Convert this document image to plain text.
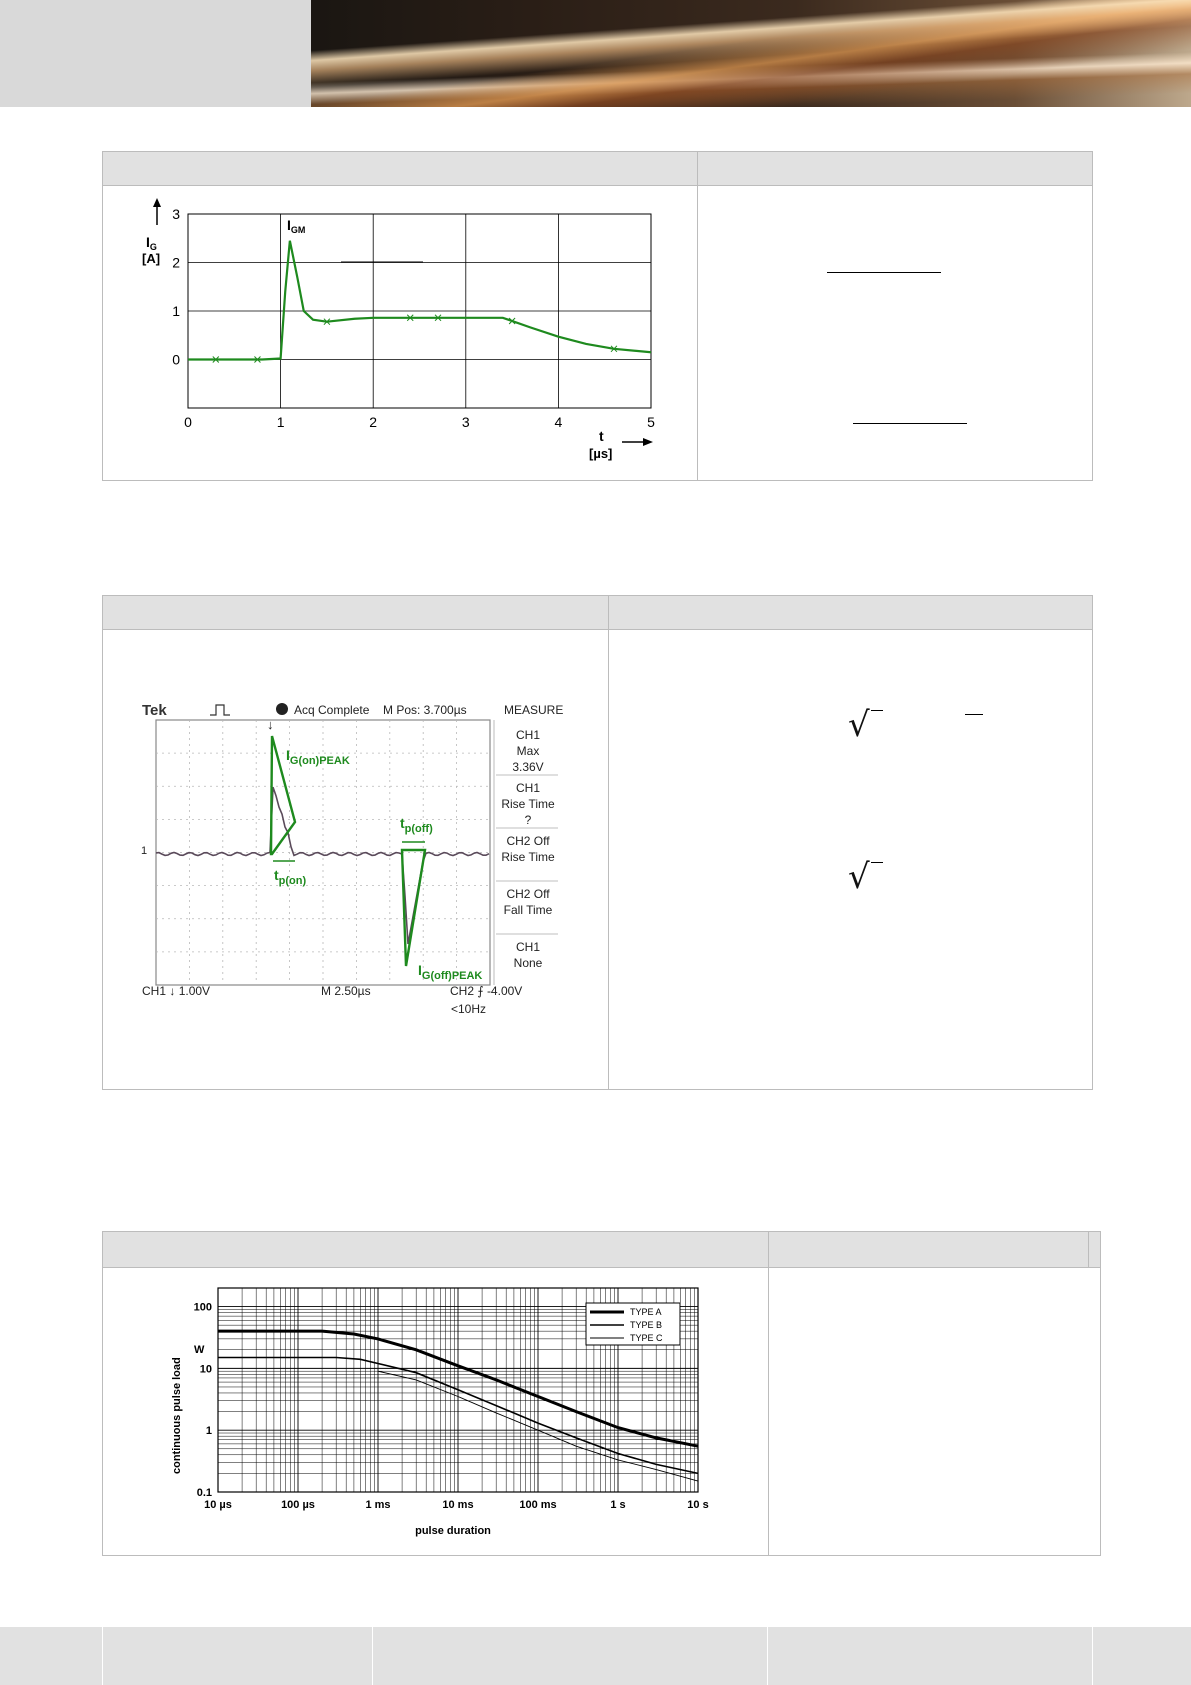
0	1	2	3	4	5
0
1
2
3
$I_G$
[A]
$I_{GM}$
t
[µs]
√
√
Tek	Acq Complete M Pos: 3.700µs	MEASURE
CH1
Max
3.36V
CH1
Rise Time
?
CH2 Off
Rise Time
CH2 Off
Fall Time
CH1
None
↓
1
$I_{G(on)PEAK}$
$t_{p(on)}$
$t_{p(off)}$
$I_{G(off)PEAK}$
CH1 ↓ 1.00V	M 2.50µs	CH2 ⨍ -4.00V
<10Hz
10 µs	100 µs	1 ms	10 ms	100 ms	1 s	10 s
100
10
1
0.1
TYPE A
TYPE B
TYPE C
continuous pulse load
W
pulse duration
